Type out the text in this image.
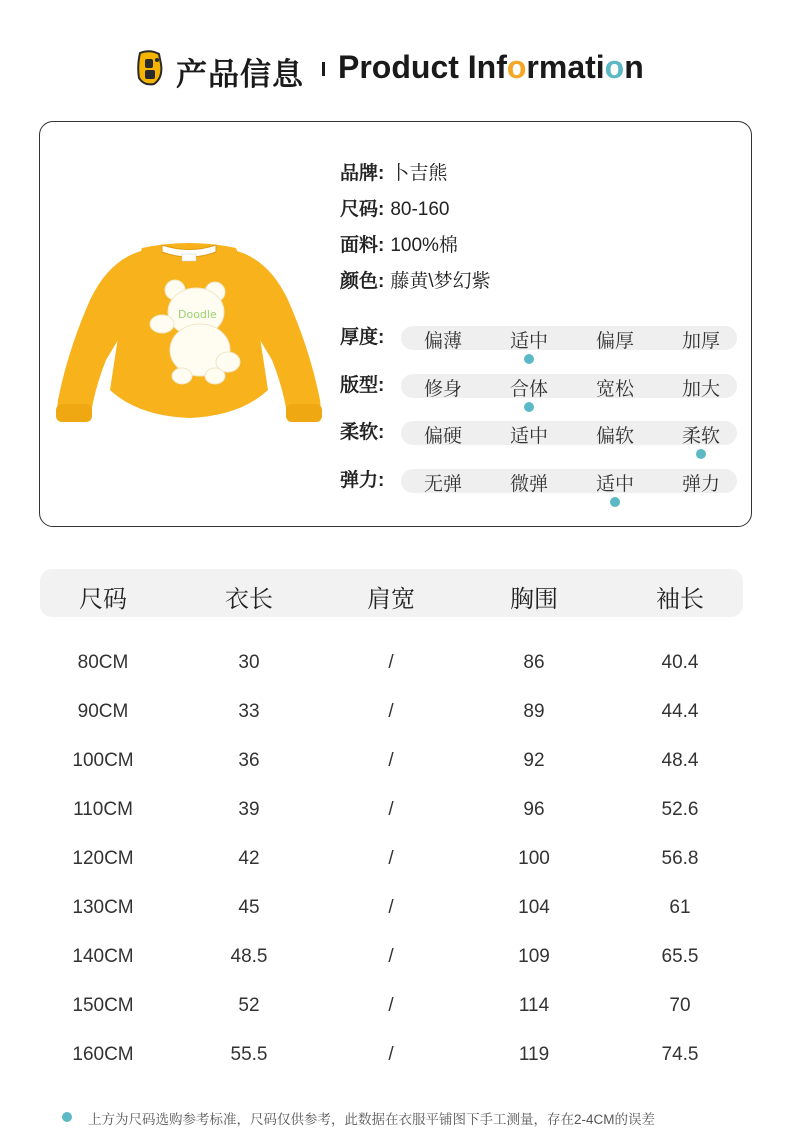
产品信息 Product Information
Doodle
品牌: 卜吉熊
尺码: 80-160
面料: 100%棉
颜色: 藤黄\梦幻紫
厚度:	偏薄	适中	偏厚	加厚
版型:	修身	合体	宽松	加大
柔软:	偏硬	适中	偏软	柔软
弹力:	无弹	微弹	适中	弹力
尺码	衣长	肩宽	胸围	袖长
80CM	30	/	86	40.4
90CM	33	/	89	44.4
100CM	36	/	92	48.4
110CM	39	/	96	52.6
120CM	42	/	100	56.8
130CM	45	/	104	61
140CM	48.5	/	109	65.5
150CM	52	/	114	70
160CM	55.5	/	119	74.5
上方为尺码选购参考标准，尺码仅供参考，此数据在衣服平铺图下手工测量，存在2-4CM的误差
